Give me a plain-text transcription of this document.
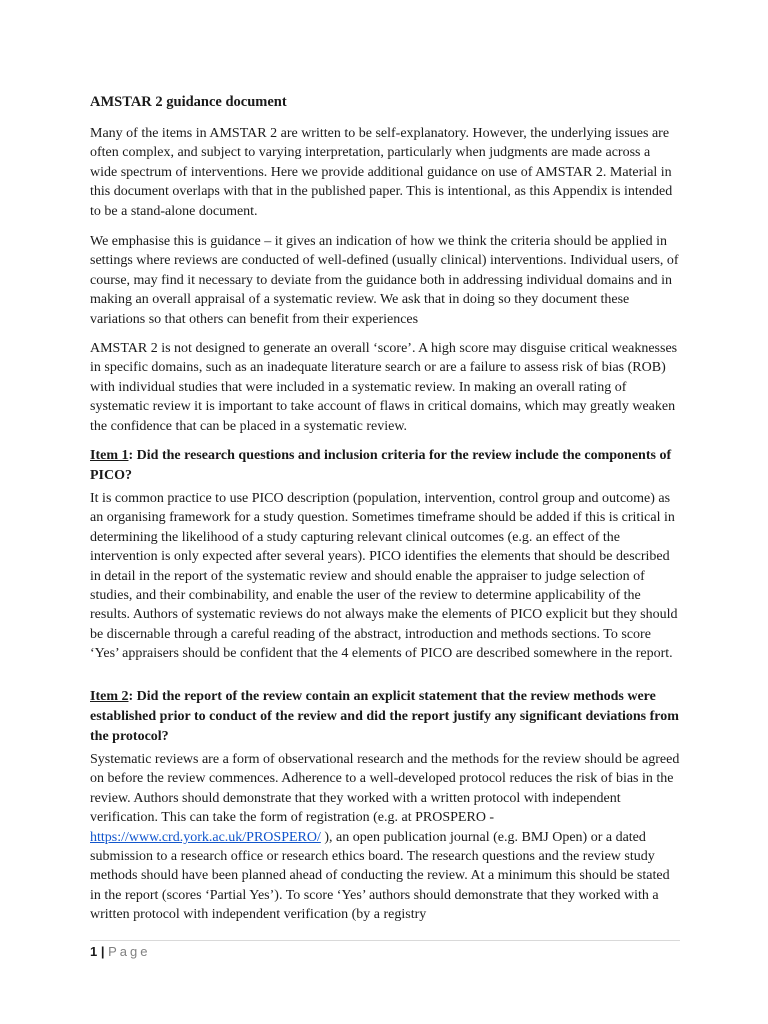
AMSTAR 2 guidance document
Many of the items in AMSTAR 2 are written to be self-explanatory. However, the underlying issues are often complex, and subject to varying interpretation, particularly when judgments are made across a wide spectrum of interventions. Here we provide additional guidance on use of AMSTAR 2. Material in this document overlaps with that in the published paper. This is intentional, as this Appendix is intended to be a stand-alone document.
We emphasise this is guidance – it gives an indication of how we think the criteria should be applied in settings where reviews are conducted of well-defined (usually clinical) interventions. Individual users, of course, may find it necessary to deviate from the guidance both in addressing individual domains and in making an overall appraisal of a systematic review. We ask that in doing so they document these variations so that others can benefit from their experiences
AMSTAR 2 is not designed to generate an overall ‘score’. A high score may disguise critical weaknesses in specific domains, such as an inadequate literature search or are a failure to assess risk of bias (ROB) with individual studies that were included in a systematic review. In making an overall rating of systematic review it is important to take account of flaws in critical domains, which may greatly weaken the confidence that can be placed in a systematic review.
Item 1: Did the research questions and inclusion criteria for the review include the components of PICO?
It is common practice to use PICO description (population, intervention, control group and outcome) as an organising framework for a study question. Sometimes timeframe should be added if this is critical in determining the likelihood of a study capturing relevant clinical outcomes (e.g. an effect of the intervention is only expected after several years). PICO identifies the elements that should be described in detail in the report of the systematic review and should enable the appraiser to judge selection of studies, and their combinability, and enable the user of the review to determine applicability of the results. Authors of systematic reviews do not always make the elements of PICO explicit but they should be discernable through a careful reading of the abstract, introduction and methods sections. To score ‘Yes’ appraisers should be confident that the 4 elements of PICO are described somewhere in the report.
Item 2: Did the report of the review contain an explicit statement that the review methods were established prior to conduct of the review and did the report justify any significant deviations from the protocol?
Systematic reviews are a form of observational research and the methods for the review should be agreed on before the review commences. Adherence to a well-developed protocol reduces the risk of bias in the review. Authors should demonstrate that they worked with a written protocol with independent verification. This can take the form of registration (e.g. at PROSPERO - https://www.crd.york.ac.uk/PROSPERO/ ), an open publication journal (e.g. BMJ Open) or a dated submission to a research office or research ethics board. The research questions and the review study methods should have been planned ahead of conducting the review. At a minimum this should be stated in the report (scores ‘Partial Yes’). To score ‘Yes’ authors should demonstrate that they worked with a written protocol with independent verification (by a registry
1 | Page
